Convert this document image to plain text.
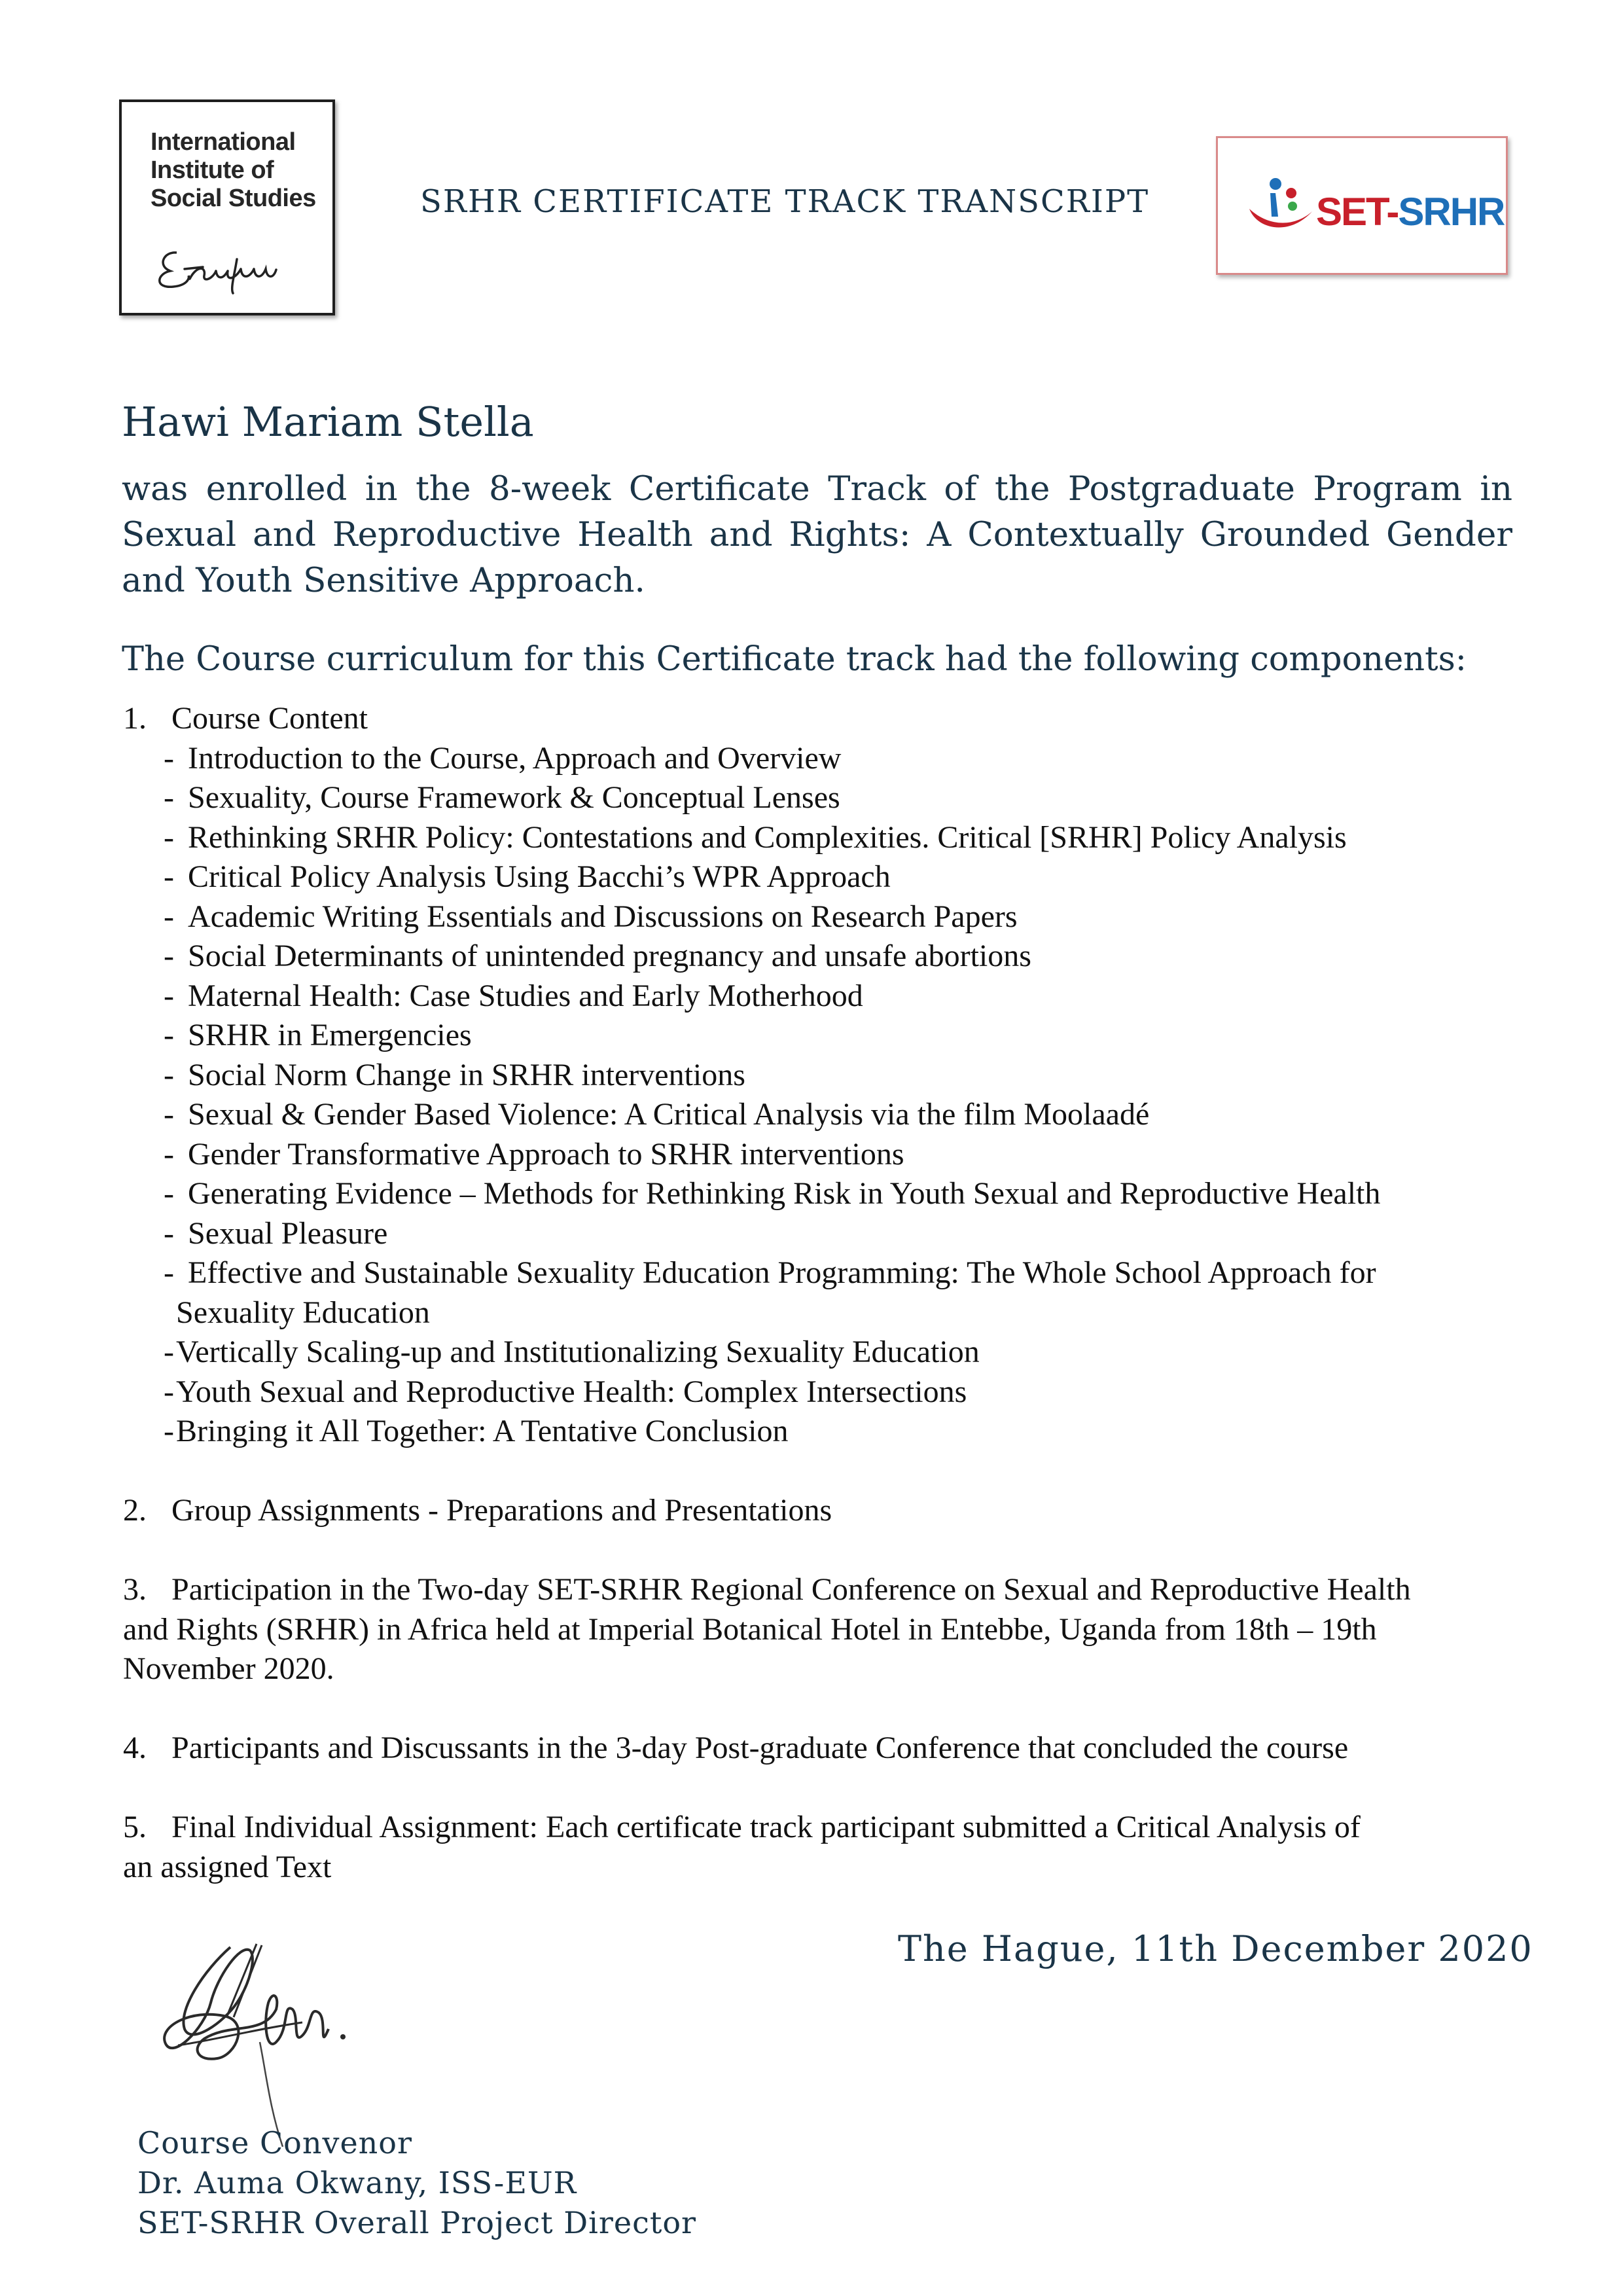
International
Institute of
Social Studies	SRHR CERTIFICATE TRACK TRANSCRIPT	SET-SRHR
Hawi Mariam Stella

was enrolled in the 8-week Certificate Track of the Postgraduate Program in Sexual and Reproductive Health and Rights: A Contextually Grounded Gender and Youth Sensitive Approach.

The Course curriculum for this Certificate track had the following components:

1. Course Content
- Introduction to the Course, Approach and Overview
- Sexuality, Course Framework & Conceptual Lenses
- Rethinking SRHR Policy: Contestations and Complexities. Critical [SRHR] Policy Analysis
- Critical Policy Analysis Using Bacchi’s WPR Approach
- Academic Writing Essentials and Discussions on Research Papers
- Social Determinants of unintended pregnancy and unsafe abortions
- Maternal Health: Case Studies and Early Motherhood
- SRHR in Emergencies
- Social Norm Change in SRHR interventions
- Sexual & Gender Based Violence: A Critical Analysis via the film Moolaadé
- Gender Transformative Approach to SRHR interventions
- Generating Evidence – Methods for Rethinking Risk in Youth Sexual and Reproductive Health
- Sexual Pleasure
- Effective and Sustainable Sexuality Education Programming: The Whole School Approach for
Sexuality Education
-Vertically Scaling-up and Institutionalizing Sexuality Education
-Youth Sexual and Reproductive Health: Complex Intersections
-Bringing it All Together: A Tentative Conclusion
2. Group Assignments - Preparations and Presentations
3. Participation in the Two-day SET-SRHR Regional Conference on Sexual and Reproductive Health
and Rights (SRHR) in Africa held at Imperial Botanical Hotel in Entebbe, Uganda from 18th – 19th
November 2020.
4. Participants and Discussants in the 3-day Post-graduate Conference that concluded the course
5. Final Individual Assignment: Each certificate track participant submitted a Critical Analysis of
an assigned Text
The Hague, 11th December 2020
Course Convenor
Dr. Auma Okwany, ISS-EUR
SET-SRHR Overall Project Director
